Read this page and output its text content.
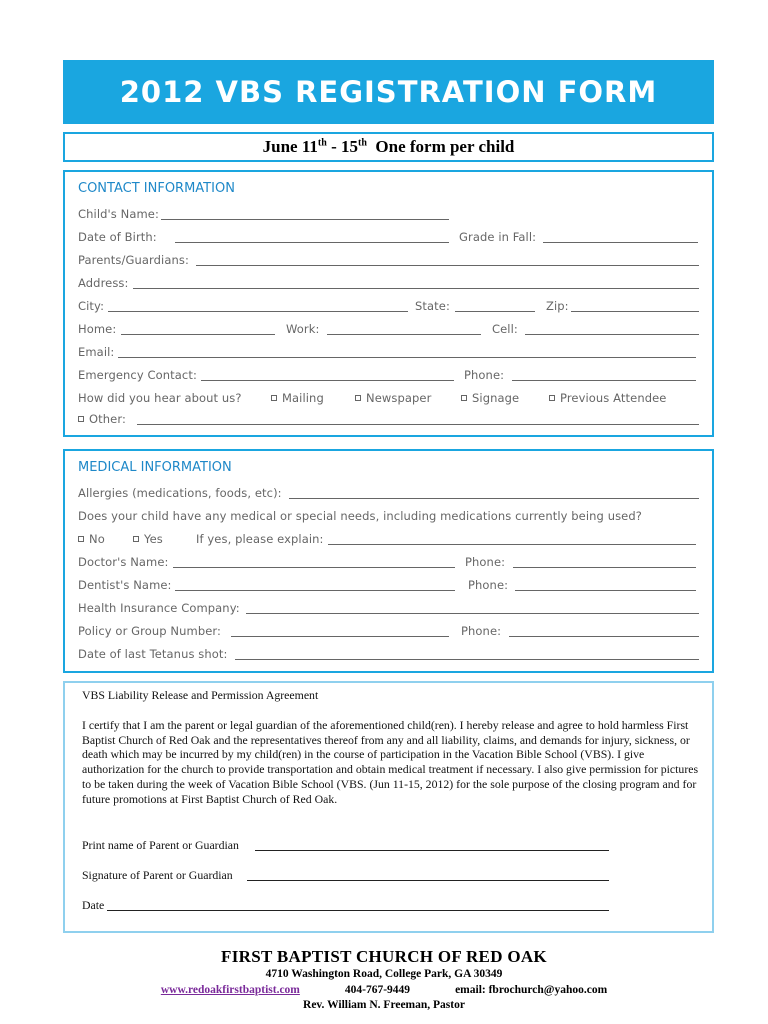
2012 VBS REGISTRATION FORM
June 11th - 15th  One form per child
CONTACT INFORMATION
Child's Name:
Date of Birth:	Grade in Fall:
Parents/Guardians:
Address:
City:	State:	Zip:
Home:	Work:	Cell:
Email:
Emergency Contact:	Phone:
How did you hear about us?	Mailing	Newspaper	Signage	Previous Attendee
Other:
MEDICAL INFORMATION
Allergies (medications, foods, etc):
Does your child have any medical or special needs, including medications currently being used?
No	Yes	If yes, please explain:
Doctor's Name:	Phone:
Dentist's Name:	Phone:
Health Insurance Company:
Policy or Group Number:	Phone:
Date of last Tetanus shot:
VBS Liability Release and Permission Agreement
I certify that I am the parent or legal guardian of the aforementioned child(ren). I hereby release and agree to hold harmless First Baptist Church of Red Oak and the representatives thereof from any and all liability, claims, and demands for injury, sickness, or death which may be incurred by my child(ren) in the course of participation in the Vacation Bible School (VBS). I give authorization for the church to provide transportation and obtain medical treatment if necessary. I also give permission for pictures to be taken during the week of Vacation Bible School (VBS. (Jun 11-15, 2012) for the sole purpose of the closing program and for future promotions at First Baptist Church of Red Oak.
Print name of Parent or Guardian
Signature of Parent or Guardian
Date
FIRST BAPTIST CHURCH OF RED OAK
4710 Washington Road, College Park, GA 30349
www.redoakfirstbaptist.com	404-767-9449	email: fbrochurch@yahoo.com
Rev. William N. Freeman, Pastor
